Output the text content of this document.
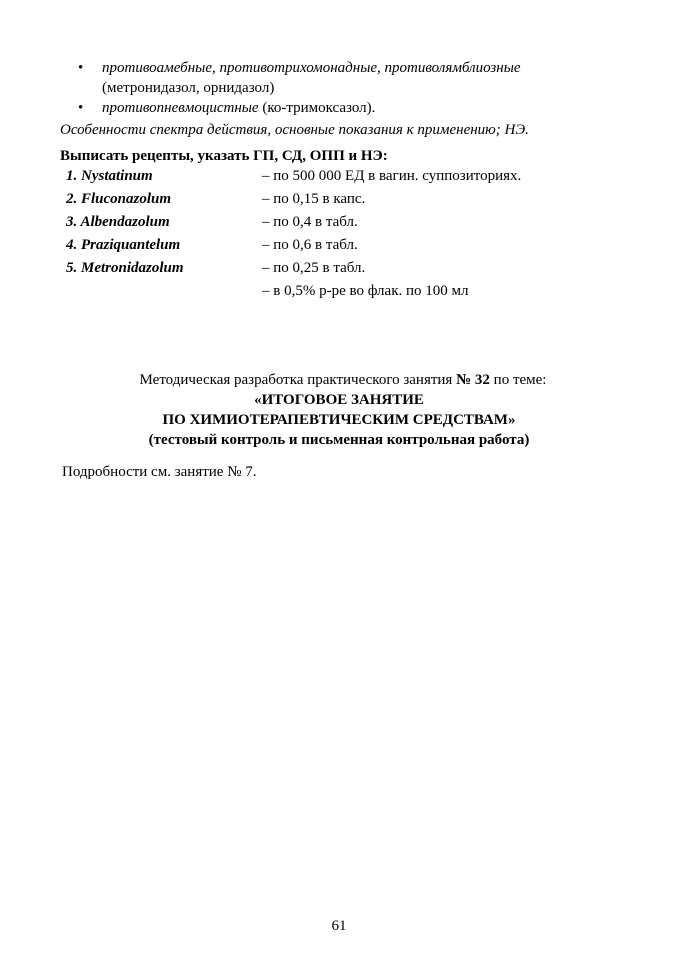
• противоамебные, противотрихомонадные, противолямблиозные
(метронидазол, орнидазол)
• противопневмоцистные (ко-тримоксазол).
Особенности спектра действия, основные показания к применению; НЭ.
Выписать рецепты, указать ГП, СД, ОПП и НЭ:
1. Nystatinum	– по 500 000 ЕД в вагин. суппозиториях.
2. Fluconazolum	– по 0,15 в капс.
3. Albendazolum	– по 0,4 в табл.
4. Praziquantelum	– по 0,6 в табл.
5. Metronidazolum	– по 0,25 в табл.
– в 0,5% р-ре во флак. по 100 мл
Методическая разработка практического занятия № 32 по теме:
«ИТОГОВОЕ ЗАНЯТИЕ
ПО ХИМИОТЕРАПЕВТИЧЕСКИМ СРЕДСТВАМ»
(тестовый контроль и письменная контрольная работа)
Подробности см. занятие № 7.
61
